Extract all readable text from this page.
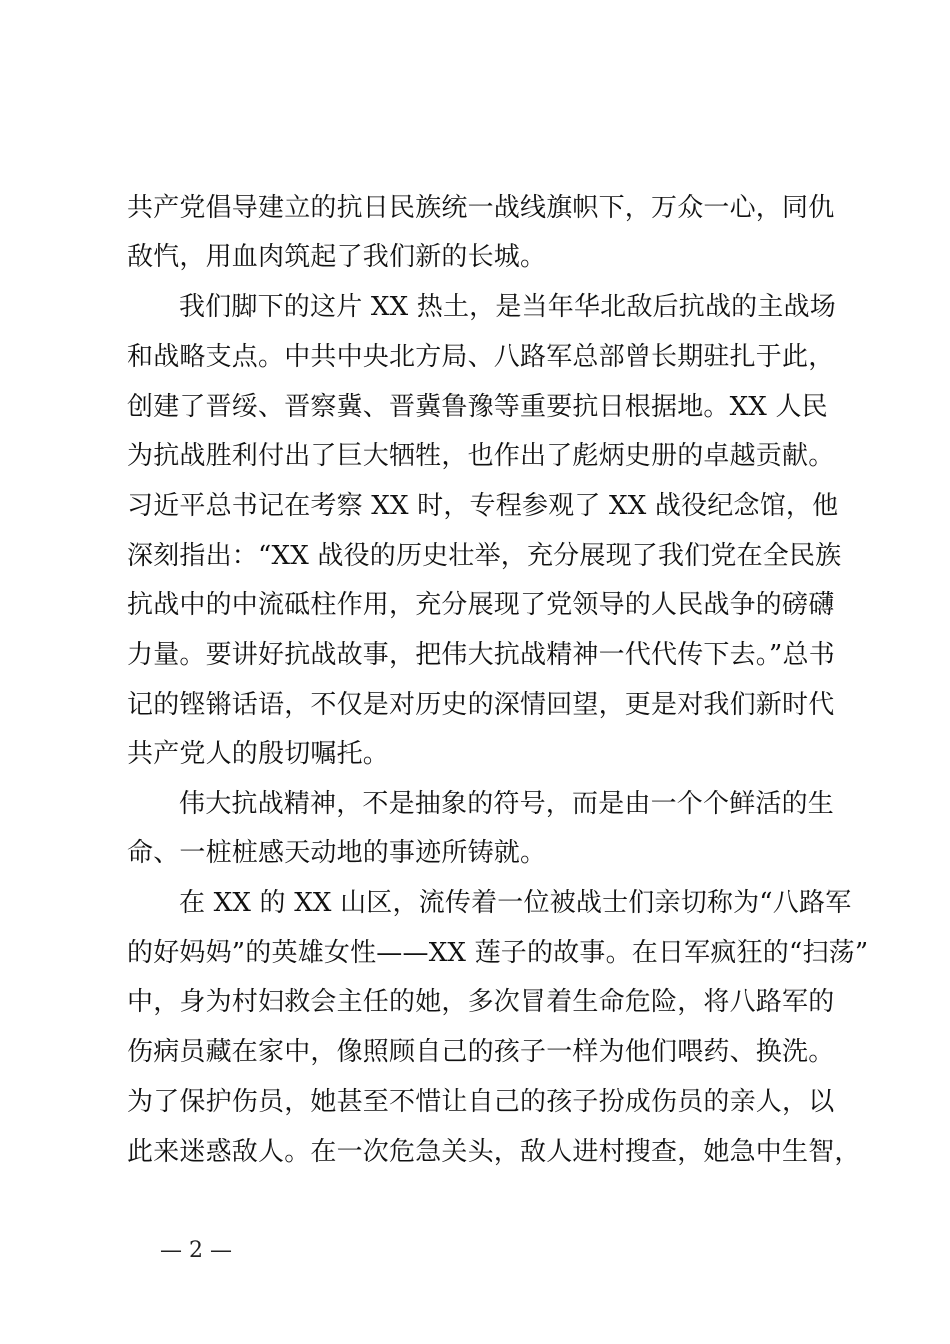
共产党倡导建立的抗日民族统一战线旗帜下，万众一心，同仇
敌忾，用血肉筑起了我们新的长城。
我们脚下的这片 XX 热土，是当年华北敌后抗战的主战场
和战略支点。中共中央北方局、八路军总部曾长期驻扎于此，
创建了晋绥、晋察冀、晋冀鲁豫等重要抗日根据地。XX 人民
为抗战胜利付出了巨大牺牲，也作出了彪炳史册的卓越贡献。
习近平总书记在考察 XX 时，专程参观了 XX 战役纪念馆，他
深刻指出：“XX 战役的历史壮举，充分展现了我们党在全民族
抗战中的中流砥柱作用，充分展现了党领导的人民战争的磅礴
力量。要讲好抗战故事，把伟大抗战精神一代代传下去。”总书
记的铿锵话语，不仅是对历史的深情回望，更是对我们新时代
共产党人的殷切嘱托。
伟大抗战精神，不是抽象的符号，而是由一个个鲜活的生
命、一桩桩感天动地的事迹所铸就。
在 XX 的 XX 山区，流传着一位被战士们亲切称为“八路军
的好妈妈”的英雄女性——XX 莲子的故事。在日军疯狂的“扫荡”
中，身为村妇救会主任的她，多次冒着生命危险，将八路军的
伤病员藏在家中，像照顾自己的孩子一样为他们喂药、换洗。
为了保护伤员，她甚至不惜让自己的孩子扮成伤员的亲人，以
此来迷惑敌人。在一次危急关头，敌人进村搜查，她急中生智，
— 2 —
